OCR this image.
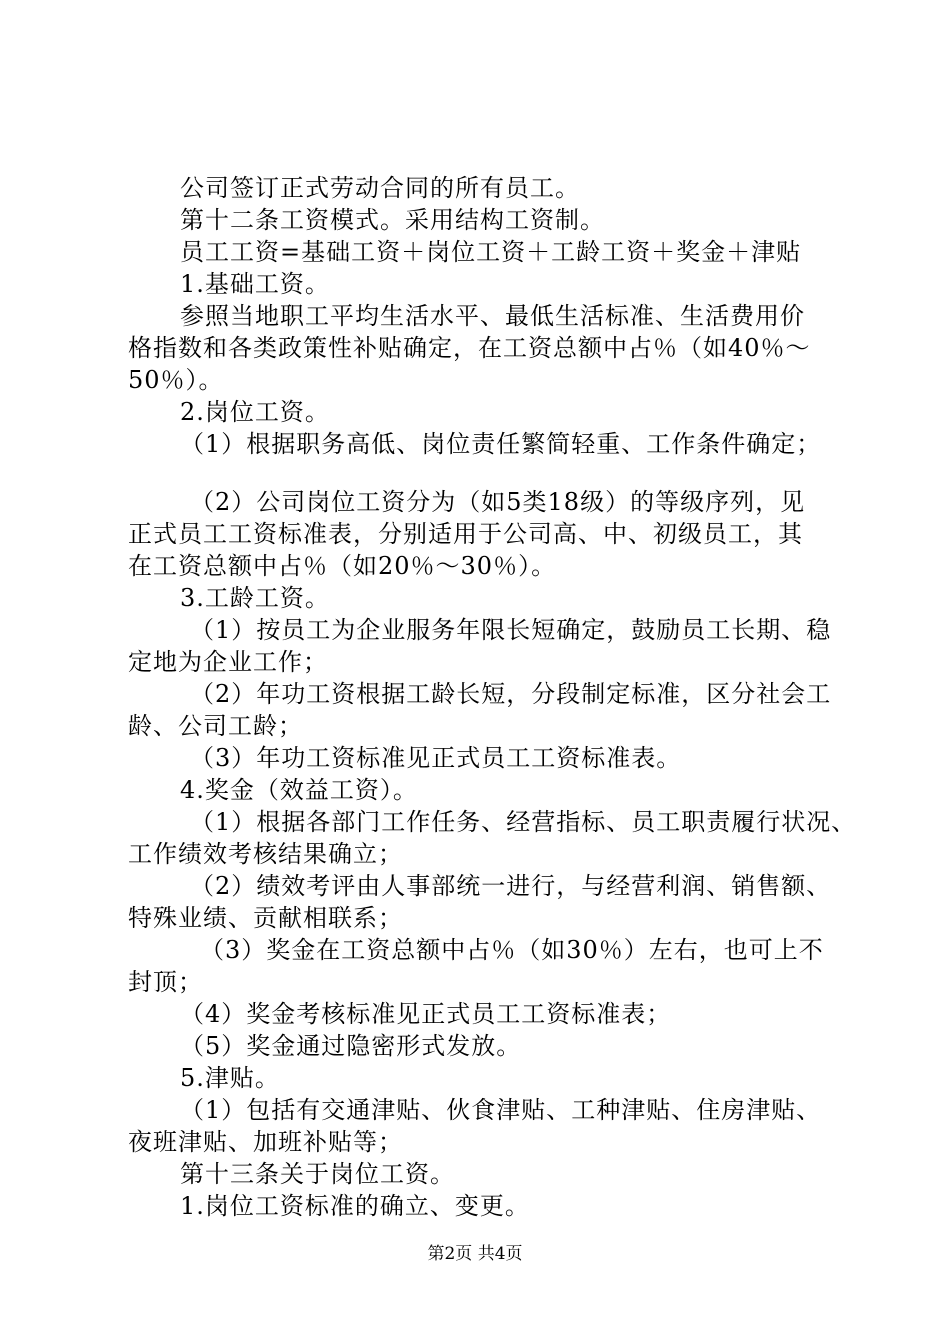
公司签订正式劳动合同的所有员工。
第十二条工资模式。采用结构工资制。
员工工资=基础工资＋岗位工资＋工龄工资＋奖金＋津贴
1.基础工资。
参照当地职工平均生活水平、最低生活标准、生活费用价
格指数和各类政策性补贴确定，在工资总额中占％（如40％～
50％）。
2.岗位工资。
（1）根据职务高低、岗位责任繁简轻重、工作条件确定；
（2）公司岗位工资分为（如5类18级）的等级序列，见
正式员工工资标准表，分别适用于公司高、中、初级员工，其
在工资总额中占％（如20％～30％）。
3.工龄工资。
（1）按员工为企业服务年限长短确定，鼓励员工长期、稳
定地为企业工作；
（2）年功工资根据工龄长短，分段制定标准，区分社会工
龄、公司工龄；
（3）年功工资标准见正式员工工资标准表。
4.奖金（效益工资）。
（1）根据各部门工作任务、经营指标、员工职责履行状况、
工作绩效考核结果确立；
（2）绩效考评由人事部统一进行，与经营利润、销售额、
特殊业绩、贡献相联系；
（3）奖金在工资总额中占％（如30％）左右，也可上不
封顶；
（4）奖金考核标准见正式员工工资标准表；
（5）奖金通过隐密形式发放。
5.津贴。
（1）包括有交通津贴、伙食津贴、工种津贴、住房津贴、
夜班津贴、加班补贴等；
第十三条关于岗位工资。
1.岗位工资标准的确立、变更。
第2页 共4页
